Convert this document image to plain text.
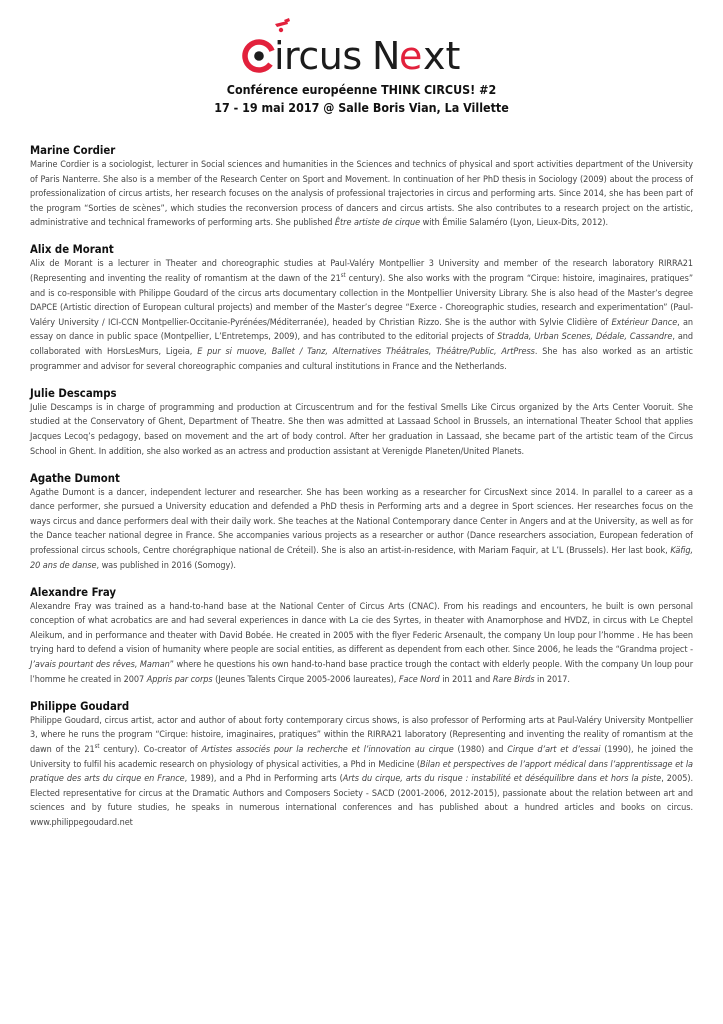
ircus N
e xt
Conférence européenne THINK CIRCUS! #2
17 - 19 mai 2017 @ Salle Boris Vian, La Villette
Marine Cordier

Marine Cordier is a sociologist, lecturer in Social sciences and humanities in the Sciences and technics of physical and sport activities department of the University of Paris Nanterre. She also is a member of the Research Center on Sport and Movement. In continuation of her PhD thesis in Sociology (2009) about the process of professionalization of circus artists, her research focuses on the analysis of professional trajectories in circus and performing arts. Since 2014, she has been part of the program “Sorties de scènes”, which studies the reconversion process of dancers and circus artists. She also contributes to a research project on the artistic, administrative and technical frameworks of performing arts. She published Être artiste de cirque with Émilie Salaméro (Lyon, Lieux-Dits, 2012).

Alix de Morant

Alix de Morant is a lecturer in Theater and choreographic studies at Paul-Valéry Montpellier 3 University and member of the research laboratory RIRRA21 (Representing and inventing the reality of romantism at the dawn of the 21st century). She also works with the program “Cirque: histoire, imaginaires, pratiques” and is co-responsible with Philippe Goudard of the circus arts documentary collection in the Montpellier University Library. She is also head of the Master’s degree DAPCE (Artistic direction of European cultural projects) and member of the Master’s degree “Exerce - Choreographic studies, research and experimentation” (Paul-Valéry University / ICI-CCN Montpellier-Occitanie-Pyrénées/Méditerranée), headed by Christian Rizzo. She is the author with Sylvie Clidière of Extérieur Dance, an essay on dance in public space (Montpellier, L’Entretemps, 2009), and has contributed to the editorial projects of Stradda, Urban Scenes, Dédale, Cassandre, and collaborated with HorsLesMurs, Ligeia, E pur si muove, Ballet / Tanz, Alternatives Théâtrales, Théâtre/Public, ArtPress. She has also worked as an artistic programmer and advisor for several choreographic companies and cultural institutions in France and the Netherlands.

Julie Descamps

Julie Descamps is in charge of programming and production at Circuscentrum and for the festival Smells Like Circus organized by the Arts Center Vooruit. She studied at the Conservatory of Ghent, Department of Theatre. She then was admitted at Lassaad School in Brussels, an international Theater School that applies Jacques Lecoq’s pedagogy, based on movement and the art of body control. After her graduation in Lassaad, she became part of the artistic team of the Circus School in Ghent. In addition, she also worked as an actress and production assistant at Verenigde Planeten/United Planets.

Agathe Dumont

Agathe Dumont is a dancer, independent lecturer and researcher. She has been working as a researcher for CircusNext since 2014. In parallel to a career as a dance performer, she pursued a University education and defended a PhD thesis in Performing arts and a degree in Sport sciences. Her researches focus on the ways circus and dance performers deal with their daily work. She teaches at the National Contemporary dance Center in Angers and at the University, as well as for the Dance teacher national degree in France. She accompanies various projects as a researcher or author (Dance researchers association, European federation of professional circus schools, Centre chorégraphique national de Créteil). She is also an artist-in-residence, with Mariam Faquir, at L’L (Brussels). Her last book, Käfig, 20 ans de danse, was published in 2016 (Somogy).

Alexandre Fray

Alexandre Fray was trained as a hand-to-hand base at the National Center of Circus Arts (CNAC). From his readings and encounters, he built is own personal conception of what acrobatics are and had several experiences in dance with La cie des Syrtes, in theater with Anamorphose and HVDZ, in circus with Le Cheptel Aleikum, and in performance and theater with David Bobée. He created in 2005 with the flyer Federic Arsenault, the company Un loup pour l’homme . He has been trying hard to defend a vision of humanity where people are social entities, as different as dependent from each other. Since 2006, he leads the “Grandma project - J’avais pourtant des rêves, Maman” where he questions his own hand-to-hand base practice trough the contact with elderly people. With the company Un loup pour l’homme he created in 2007 Appris par corps (Jeunes Talents Cirque 2005-2006 laureates), Face Nord in 2011 and Rare Birds in 2017.

Philippe Goudard

Philippe Goudard, circus artist, actor and author of about forty contemporary circus shows, is also professor of Performing arts at Paul-Valéry University Montpellier 3, where he runs the program “Cirque: histoire, imaginaires, pratiques” within the RIRRA21 laboratory (Representing and inventing the reality of romantism at the dawn of the 21st century). Co-creator of Artistes associés pour la recherche et l’innovation au cirque (1980) and Cirque d’art et d’essai (1990), he joined the University to fulfil his academic research on physiology of physical activities, a Phd in Medicine (Bilan et perspectives de l’apport médical dans l’apprentissage et la pratique des arts du cirque en France, 1989), and a Phd in Performing arts (Arts du cirque, arts du risque : instabilité et déséquilibre dans et hors la piste, 2005). Elected representative for circus at the Dramatic Authors and Composers Society - SACD (2001-2006, 2012-2015), passionate about the relation between art and sciences and by future studies, he speaks in numerous international conferences and has published about a hundred articles and books on circus. www.philippegoudard.net
